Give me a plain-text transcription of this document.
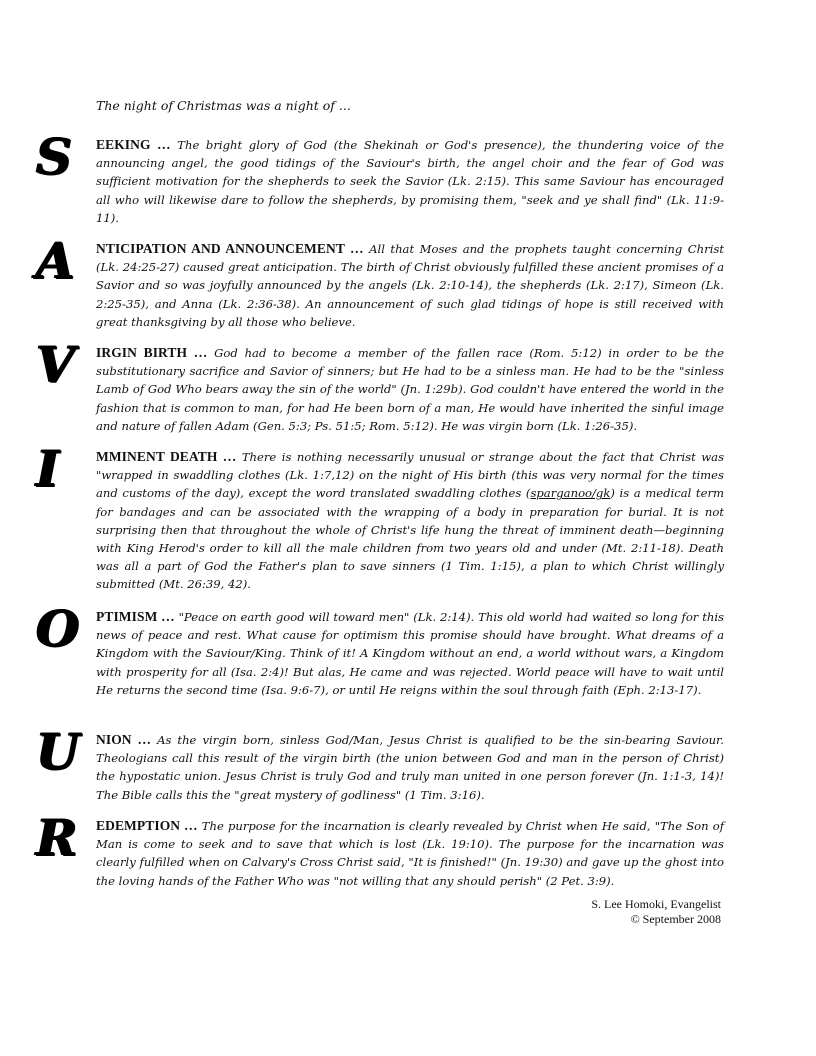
The night of Christmas was a night of ...
S	EEKING … The bright glory of God (the Shekinah or God's presence), the thundering voice of the announcing angel, the good tidings of the Saviour's birth, the angel choir and the fear of God was sufficient motivation for the shepherds to seek the Savior (Lk. 2:15). This same Saviour has encouraged all who will likewise dare to follow the shepherds, by promising them, "seek and ye shall find" (Lk. 11:9-11).
A	NTICIPATION AND ANNOUNCEMENT … All that Moses and the prophets taught concerning Christ (Lk. 24:25-27) caused great anticipation. The birth of Christ obviously fulfilled these ancient promises of a Savior and so was joyfully announced by the angels (Lk. 2:10-14), the shepherds (Lk. 2:17), Simeon (Lk. 2:25-35), and Anna (Lk. 2:36-38). An announcement of such glad tidings of hope is still received with great thanksgiving by all those who believe.
V	IRGIN BIRTH … God had to become a member of the fallen race (Rom. 5:12) in order to be the substitutionary sacrifice and Savior of sinners; but He had to be a sinless man. He had to be the "sinless Lamb of God Who bears away the sin of the world" (Jn. 1:29b). God couldn't have entered the world in the fashion that is common to man, for had He been born of a man, He would have inherited the sinful image and nature of fallen Adam (Gen. 5:3; Ps. 51:5; Rom. 5:12). He was virgin born (Lk. 1:26-35).
I	MMINENT DEATH … There is nothing necessarily unusual or strange about the fact that Christ was "wrapped in swaddling clothes (Lk. 1:7,12) on the night of His birth (this was very normal for the times and customs of the day), except the word translated swaddling clothes (sparganoo/gk) is a medical term for bandages and can be associated with the wrapping of a body in preparation for burial. It is not surprising then that throughout the whole of Christ's life hung the threat of imminent death—beginning with King Herod's order to kill all the male children from two years old and under (Mt. 2:11-18). Death was all a part of God the Father's plan to save sinners (1 Tim. 1:15), a plan to which Christ willingly submitted (Mt. 26:39, 42).
O	PTIMISM … "Peace on earth good will toward men" (Lk. 2:14). This old world had waited so long for this news of peace and rest. What cause for optimism this promise should have brought. What dreams of a Kingdom with the Saviour/King. Think of it! A Kingdom without an end, a world without wars, a Kingdom with prosperity for all (Isa. 2:4)! But alas, He came and was rejected. World peace will have to wait until He returns the second time (Isa. 9:6-7), or until He reigns within the soul through faith (Eph. 2:13-17).
U	NION … As the virgin born, sinless God/Man, Jesus Christ is qualified to be the sin-bearing Saviour. Theologians call this result of the virgin birth (the union between God and man in the person of Christ) the hypostatic union. Jesus Christ is truly God and truly man united in one person forever (Jn. 1:1-3, 14)! The Bible calls this the "great mystery of godliness" (1 Tim. 3:16).
R	EDEMPTION … The purpose for the incarnation is clearly revealed by Christ when He said, "The Son of Man is come to seek and to save that which is lost (Lk. 19:10). The purpose for the incarnation was clearly fulfilled when on Calvary's Cross Christ said, "It is finished!" (Jn. 19:30) and gave up the ghost into the loving hands of the Father Who was "not willing that any should perish" (2 Pet. 3:9).
S. Lee Homoki, Evangelist
© September 2008
